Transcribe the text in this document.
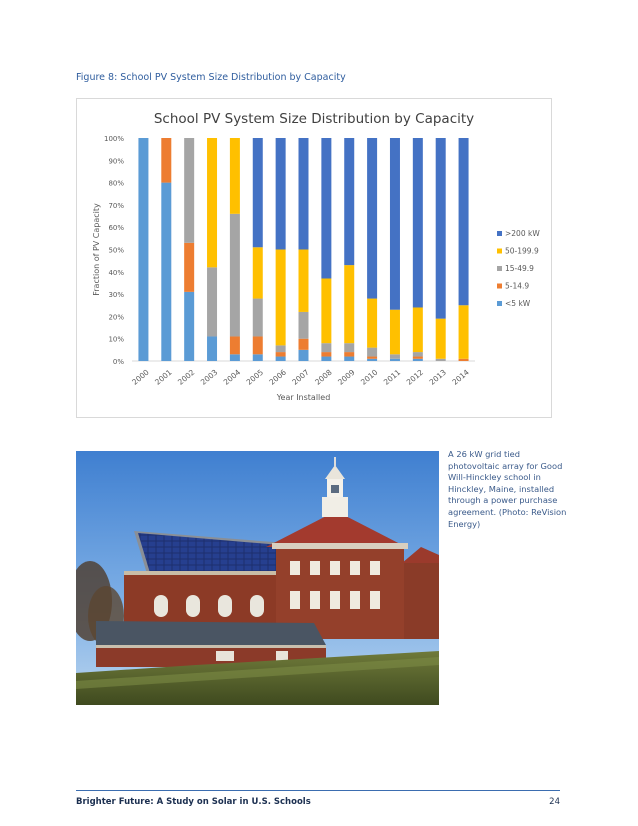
Figure 8: School PV System Size Distribution by Capacity
School PV System Size Distribution by Capacity
0%
10%
20%
30%
40%
50%
60%
70%
80%
90%
100%
Fraction of PV Capacity
2000 2001 2002 2003 2004 2005 2006 2007 2008 2009 2010 2011 2012 2013 2014
Year Installed
>200 kW
50-199.9
15-49.9
5-14.9
<5 kW
A 26 kW grid tied photovoltaic array for Good Will-Hinckley school in Hinckley, Maine, installed through a power purchase agreement. (Photo: ReVision Energy)
Brighter Future: A Study on Solar in U.S. Schools	24
